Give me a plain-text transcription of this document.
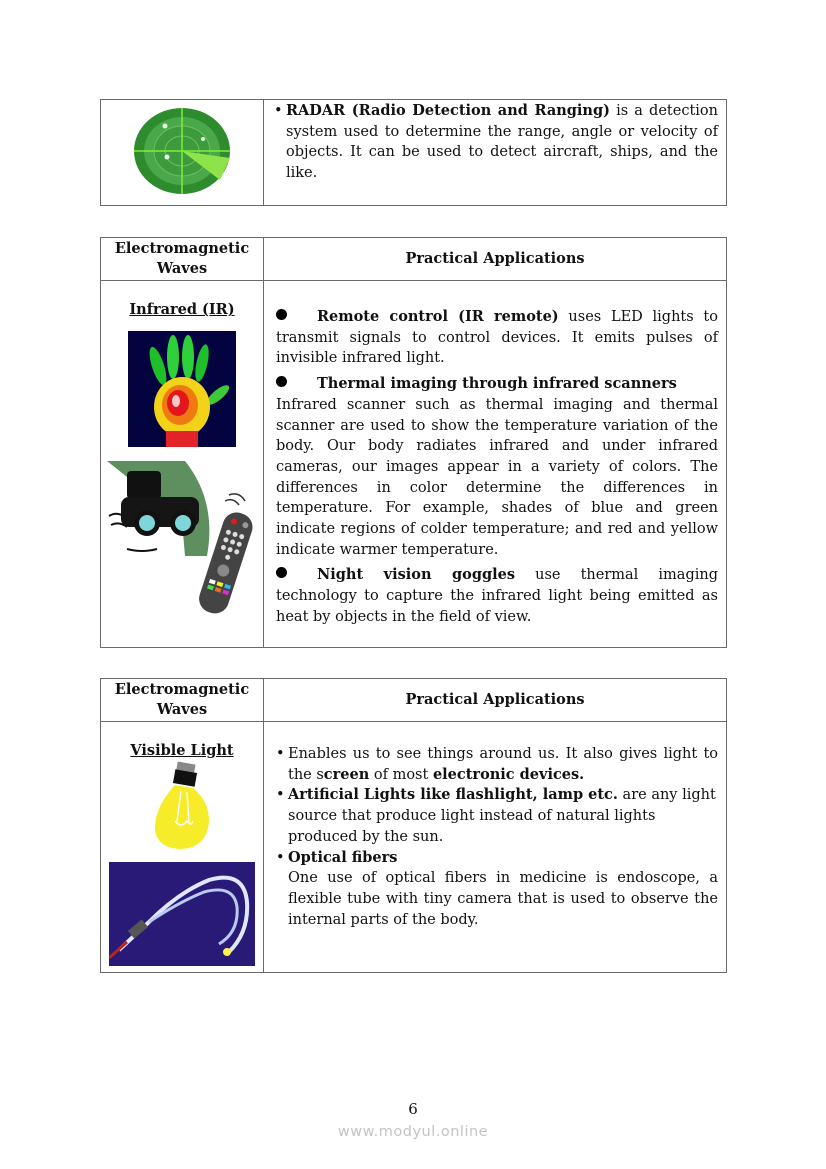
• RADAR (Radio Detection and Ranging) is a detection system used to determine the range, angle or velocity of objects. It can be used to detect aircraft, ships, and the like.
Electromagnetic Waves	Practical Applications

Infrared (IR)	Remote control (IR remote) uses LED lights to transmit signals to control devices. It emits pulses of invisible infrared light.
Thermal imaging through infrared scanners
Infrared scanner such as thermal imaging and thermal scanner are used to show the temperature variation of the body. Our body radiates infrared and under infrared cameras, our images appear in a variety of colors. The differences in color determine the differences in temperature. For example, shades of blue and green indicate regions of colder temperature; and red and yellow indicate warmer temperature.
Night vision goggles use thermal imaging technology to capture the infrared light being emitted as heat by objects in the field of view.
Electromagnetic Waves	Practical Applications

Visible Light	• Enables us to see things around us. It also gives light to the screen of most electronic devices.
• Artificial Lights like flashlight, lamp etc. are any light source that produce light instead of natural lights produced by the sun.
• Optical fibers
One use of optical fibers in medicine is endoscope, a flexible tube with tiny camera that is used to observe the internal parts of the body.
6
www.modyul.online
